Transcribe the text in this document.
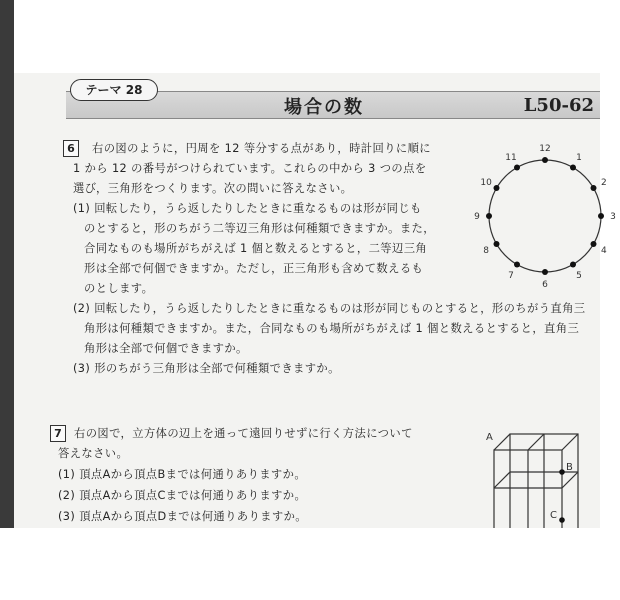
テーマ 28
場合の数	L50-62
6	右の図のように，円周を 12 等分する点があり，時計回りに順に
1 から 12 の番号がつけられています。これらの中から 3 つの点を
選び，三角形をつくります。次の問いに答えなさい。
(1) 回転したり，うら返したりしたときに重なるものは形が同じも
のとすると，形のちがう二等辺三角形は何種類できますか。また，
合同なものも場所がちがえば 1 個と数えるとすると，二等辺三角
形は全部で何個できますか。ただし，正三角形も含めて数えるも
のとします。
(2) 回転したり，うら返したりしたときに重なるものは形が同じものとすると，形のちがう直角三
角形は何種類できますか。また，合同なものも場所がちがえば 1 個と数えるとすると，直角三
角形は全部で何個できますか。
(3) 形のちがう三角形は全部で何種類できますか。
12
1
2
3
4
5
6
7
8
9
10
11
7	右の図で，立方体の辺上を通って遠回りせずに行く方法について
答えなさい。
(1) 頂点Aから頂点Bまでは何通りありますか。
(2) 頂点Aから頂点Cまでは何通りありますか。
(3) 頂点Aから頂点Dまでは何通りありますか。
A
B
C
